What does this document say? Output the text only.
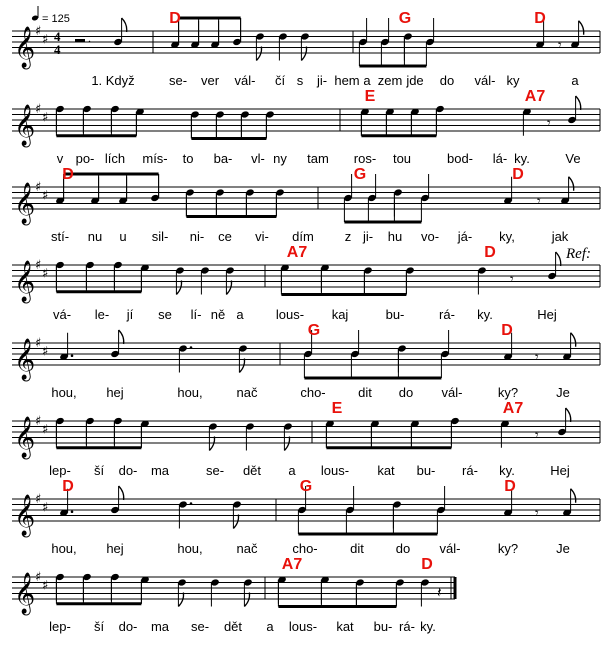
𝄞 ♯
♯
= 125
4
4
.	𝄾
D	G	D
1. Když	se- ver vál- čí s ji- hem a zem jde do vál- ky	a
𝄞 ♯
♯	𝄾
E	A7
v po- lích mís- to ba- vl- ny tam ros- tou	bod- lá- ky.	Ve
𝄞 ♯
♯	𝄾
D	G	D
stí- nu u sil- ni- ce vi- dím z ji- hu vo- já- ky,	jak
𝄞 ♯
♯	𝄾
A7	D
vá- le- jí se lí- ně a lous- kaj	bu-	rá- ky.	Hej
Ref:
𝄞 ♯
♯	𝄾
G	D
hou, hej	hou,	nač	cho- dit do vál-	ky?	Je
𝄞 ♯
♯	𝄾
E	A7
lep- ší do- ma	se- dět a lous- kat bu- rá- ky.	Hej
𝄞 ♯
♯	𝄾
D	G	D
hou, hej	hou,	nač	cho- dit do vál-	ky?	Je
𝄞 ♯
♯	𝄽
A7	D
lep- ší do- ma se- dět a lous- kat bu- rá- ky.
